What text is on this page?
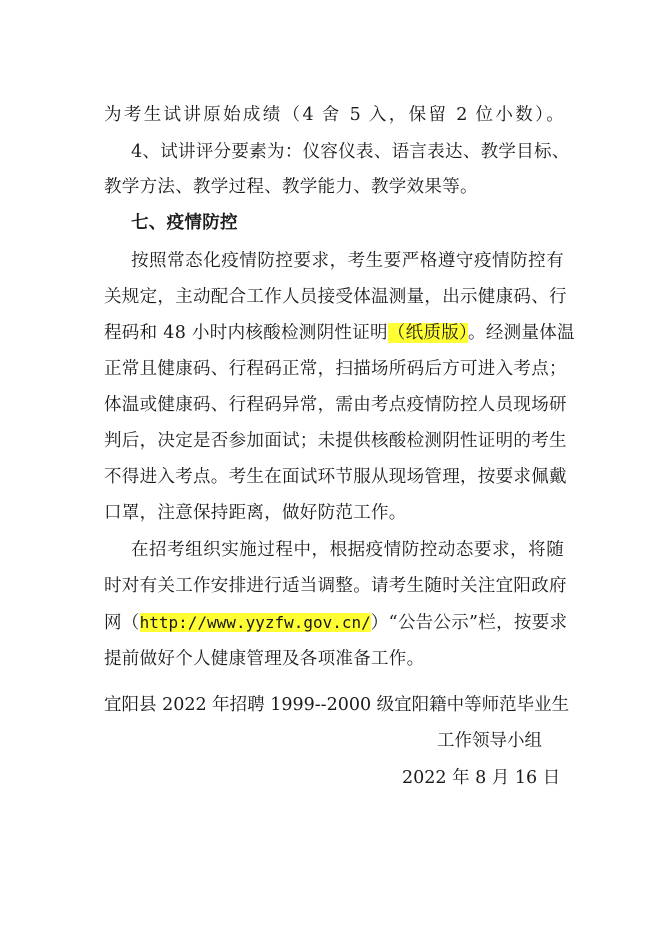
为考生试讲原始成绩（4 舍 5 入，保留 2 位小数）。
4、试讲评分要素为：仪容仪表、语言表达、教学目标、
教学方法、教学过程、教学能力、教学效果等。
七、疫情防控
按照常态化疫情防控要求，考生要严格遵守疫情防控有
关规定，主动配合工作人员接受体温测量，出示健康码、行
程码和 48 小时内核酸检测阴性证明（纸质版）。经测量体温
正常且健康码、行程码正常，扫描场所码后方可进入考点；
体温或健康码、行程码异常，需由考点疫情防控人员现场研
判后，决定是否参加面试；未提供核酸检测阴性证明的考生
不得进入考点。考生在面试环节服从现场管理，按要求佩戴
口罩，注意保持距离，做好防范工作。
在招考组织实施过程中，根据疫情防控动态要求，将随
时对有关工作安排进行适当调整。请考生随时关注宜阳政府
网（http://www.yyzfw.gov.cn/）“公告公示”栏，按要求
提前做好个人健康管理及各项准备工作。
宜阳县 2022 年招聘 1999--2000 级宜阳籍中等师范毕业生
工作领导小组
2022 年 8 月 16 日
